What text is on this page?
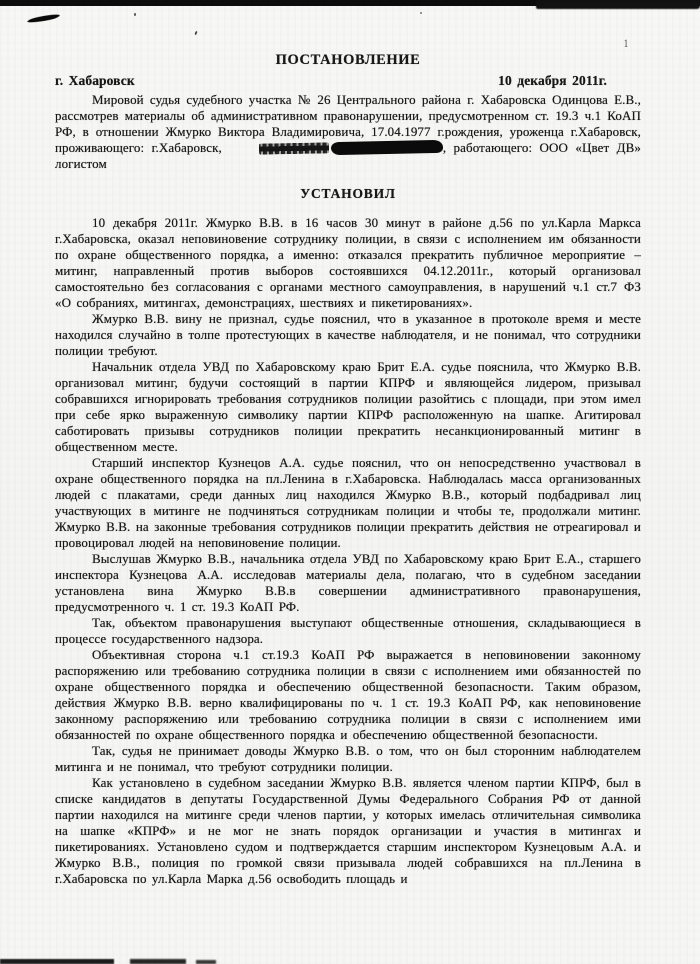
1
ПОСТАНОВЛЕНИЕ
г. Хабаровск	10 декабря 2011г.

Мировой судья судебного участка № 26 Центрального района г. Хабаровска Одинцова Е.В., рассмотрев материалы об административном правонарушении, предусмотренном ст. 19.3 ч.1 КоАП РФ, в отношении Жмурко Виктора Владимировича, 17.04.1977 г.рождения, уроженца г.Хабаровск, проживающего: г.Хабаровск,	, работающего: ООО «Цвет ДВ» логистом

УСТАНОВИЛ

10 декабря 2011г. Жмурко В.В. в 16 часов 30 минут в районе д.56 по ул.Карла Маркса г.Хабаровска, оказал неповиновение сотруднику полиции, в связи с исполнением им обязанности по охране общественного порядка, а именно: отказался прекратить публичное мероприятие – митинг, направленный против выборов состоявшихся 04.12.2011г., который организовал самостоятельно без согласования с органами местного самоуправления, в нарушений ч.1 ст.7 ФЗ «О собраниях, митингах, демонстрациях, шествиях и пикетированиях».

Жмурко В.В. вину не признал, судье пояснил, что в указанное в протоколе время и месте находился случайно в толпе протестующих в качестве наблюдателя, и не понимал, что сотрудники полиции требуют.

Начальник отдела УВД по Хабаровскому краю Брит Е.А. судье пояснила, что Жмурко В.В. организовал митинг, будучи состоящий в партии КПРФ и являющейся лидером, призывал собравшихся игнорировать требования сотрудников полиции разойтись с площади, при этом имел при себе ярко выраженную символику партии КПРФ расположенную на шапке. Агитировал саботировать призывы сотрудников полиции прекратить несанкционированный митинг в общественном месте.

Старший инспектор Кузнецов А.А. судье пояснил, что он непосредственно участвовал в охране общественного порядка на пл.Ленина в г.Хабаровска. Наблюдалась масса организованных людей с плакатами, среди данных лиц находился Жмурко В.В., который подбадривал лиц участвующих в митинге не подчиняться сотрудникам полиции и чтобы те, продолжали митинг. Жмурко В.В. на законные требования сотрудников полиции прекратить действия не отреагировал и провоцировал людей на неповиновение полиции.

Выслушав Жмурко В.В., начальника отдела УВД по Хабаровскому краю Брит Е.А., старшего инспектора Кузнецова А.А. исследовав материалы дела, полагаю, что в судебном заседании установлена вина Жмурко В.В.в совершении административного правонарушения, предусмотренного ч. 1 ст. 19.3 КоАП РФ.

Так, объектом правонарушения выступают общественные отношения, складывающиеся в процессе государственного надзора.

Объективная сторона ч.1 ст.19.3 КоАП РФ выражается в неповиновении законному распоряжению или требованию сотрудника полиции в связи с исполнением ими обязанностей по охране общественного порядка и обеспечению общественной безопасности. Таким образом, действия Жмурко В.В. верно квалифицированы по ч. 1 ст. 19.3 КоАП РФ, как неповиновение законному распоряжению или требованию сотрудника полиции в связи с исполнением ими обязанностей по охране общественного порядка и обеспечению общественной безопасности.

Так, судья не принимает доводы Жмурко В.В. о том, что он был сторонним наблюдателем митинга и не понимал, что требуют сотрудники полиции.

Как установлено в судебном заседании Жмурко В.В. является членом партии КПРФ, был в списке кандидатов в депутаты Государственной Думы Федерального Собрания РФ от данной партии находился на митинге среди членов партии, у которых имелась отличительная символика на шапке «КПРФ» и не мог не знать порядок организации и участия в митингах и пикетированиях. Установлено судом и подтверждается старшим инспектором Кузнецовым А.А. и Жмурко В.В., полиция по громкой связи призывала людей собравшихся на пл.Ленина в г.Хабаровска по ул.Карла Марка д.56 освободить площадь и
